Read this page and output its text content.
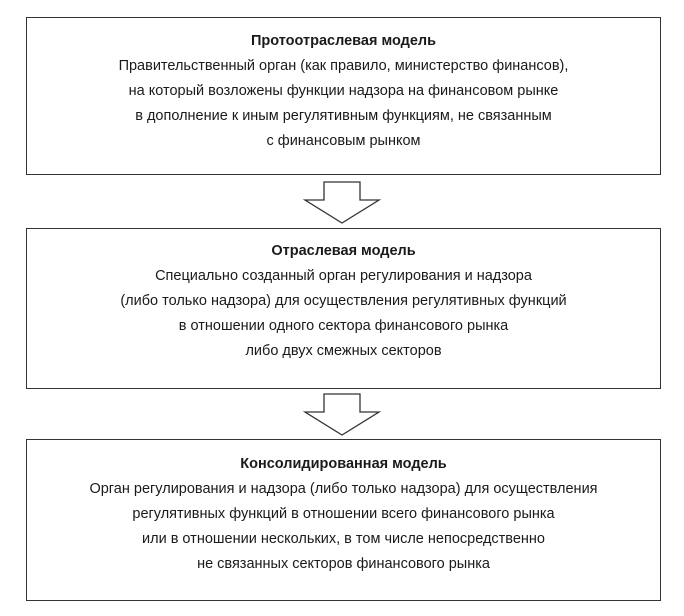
Протоотраслевая модель
Правительственный орган (как правило, министерство финансов),
на который возложены функции надзора на финансовом рынке
в дополнение к иным регулятивным функциям, не связанным
с финансовым рынком
Отраслевая модель
Специально созданный орган регулирования и надзора
(либо только надзора) для осуществления регулятивных функций
в отношении одного сектора финансового рынка
либо двух смежных секторов
Консолидированная модель
Орган регулирования и надзора (либо только надзора) для осуществления
регулятивных функций в отношении всего финансового рынка
или в отношении нескольких, в том числе непосредственно
не связанных секторов финансового рынка
